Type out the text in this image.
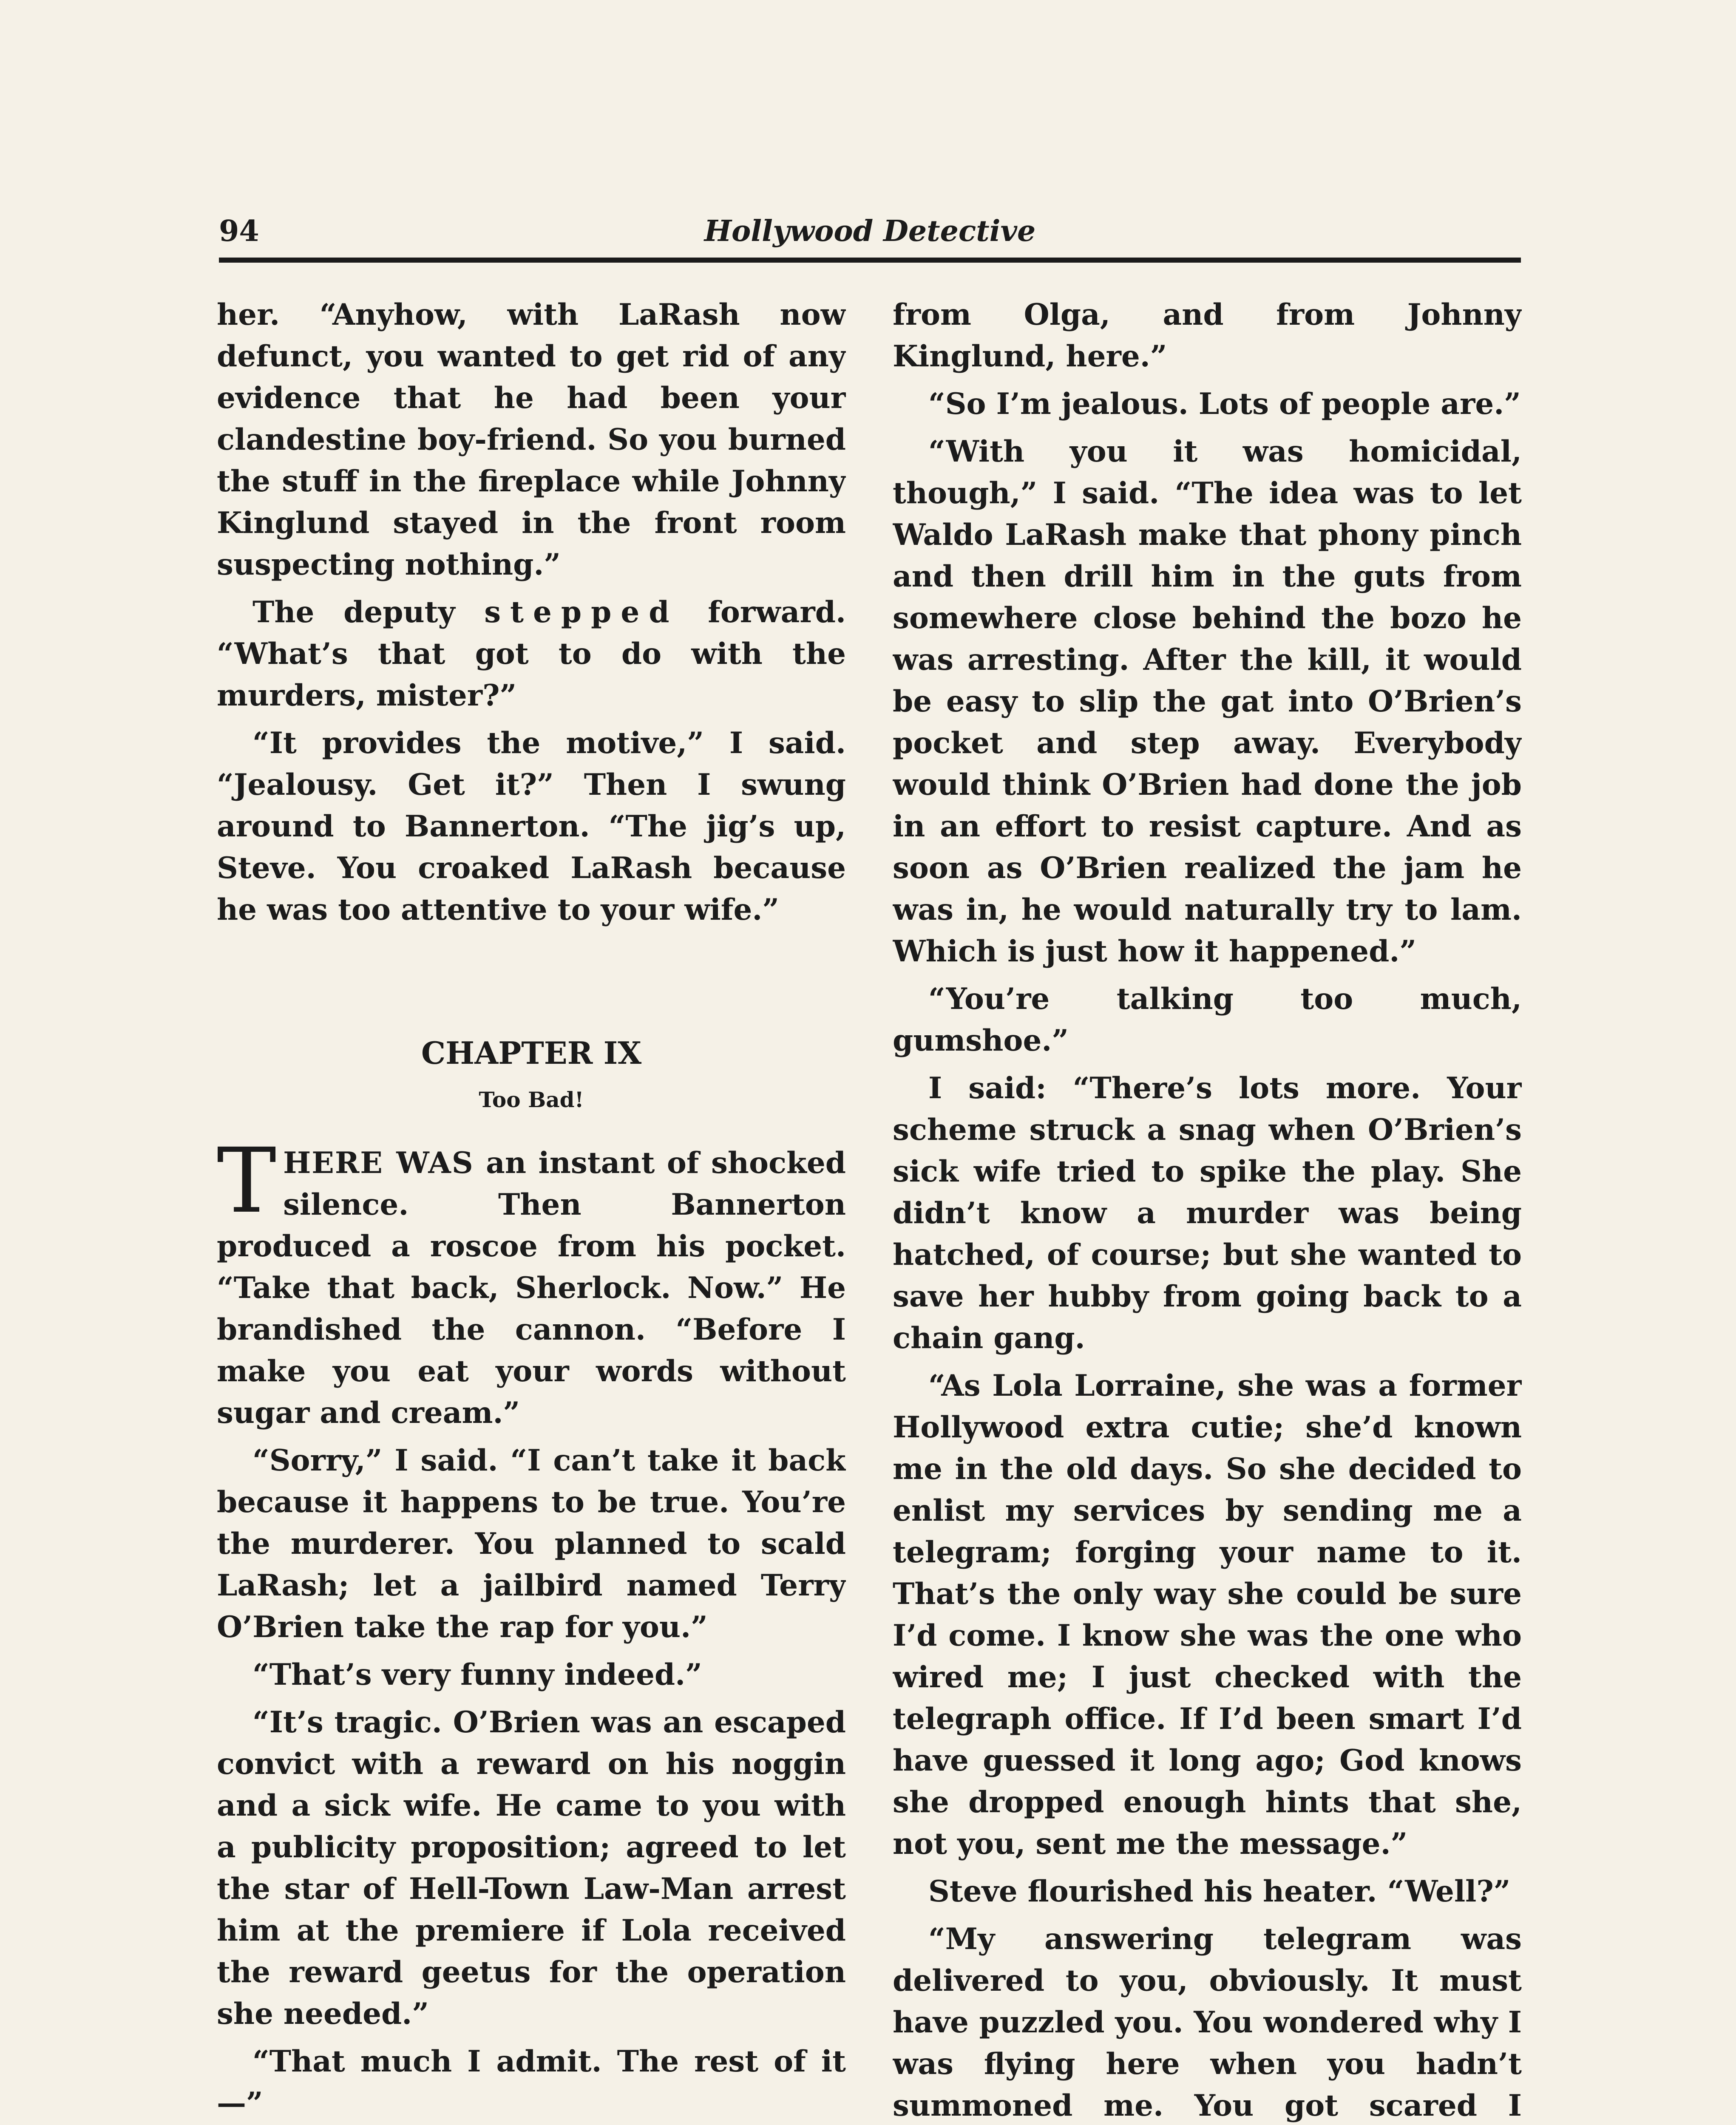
94	Hollywood Detective

her. “Anyhow, with LaRash now defunct, you wanted to get rid of any evidence that he had been your clandestine boy-friend. So you burned the stuff in the fireplace while Johnny Kinglund stayed in the front room suspecting nothing.”

The deputy stepped forward. “What’s that got to do with the murders, mister?”

“It provides the motive,” I said. “Jealousy. Get it?” Then I swung around to Bannerton. “The jig’s up, Steve. You croaked LaRash because he was too attentive to your wife.”

CHAPTER IX
Too Bad!

THERE WAS an instant of shocked silence. Then Bannerton produced a roscoe from his pocket. “Take that back, Sherlock. Now.” He brandished the cannon. “Before I make you eat your words without sugar and cream.”

“Sorry,” I said. “I can’t take it back because it happens to be true. You’re the murderer. You planned to scald LaRash; let a jailbird named Terry O’Brien take the rap for you.”

“That’s very funny indeed.”

“It’s tragic. O’Brien was an escaped convict with a reward on his noggin and a sick wife. He came to you with a publicity proposition; agreed to let the star of Hell-Town Law-Man arrest him at the premiere if Lola received the reward geetus for the operation she needed.”

“That much I admit. The rest of it—”

from Olga, and from Johnny Kinglund, here.”

“So I’m jealous. Lots of people are.”

“With you it was homicidal, though,” I said. “The idea was to let Waldo LaRash make that phony pinch and then drill him in the guts from somewhere close behind the bozo he was arresting. After the kill, it would be easy to slip the gat into O’Brien’s pocket and step away. Everybody would think O’Brien had done the job in an effort to resist capture. And as soon as O’Brien realized the jam he was in, he would naturally try to lam. Which is just how it happened.”

“You’re talking too much, gumshoe.”

I said: “There’s lots more. Your scheme struck a snag when O’Brien’s sick wife tried to spike the play. She didn’t know a murder was being hatched, of course; but she wanted to save her hubby from going back to a chain gang.

“As Lola Lorraine, she was a former Hollywood extra cutie; she’d known me in the old days. So she decided to enlist my services by sending me a telegram; forging your name to it. That’s the only way she could be sure I’d come. I know she was the one who wired me; I just checked with the telegraph office. If I’d been smart I’d have guessed it long ago; God knows she dropped enough hints that she, not you, sent me the message.”

Steve flourished his heater. “Well?”

“My answering telegram was delivered to you, obviously. It must have puzzled you. You wondered why I was flying here when you hadn’t summoned me. You got scared I
